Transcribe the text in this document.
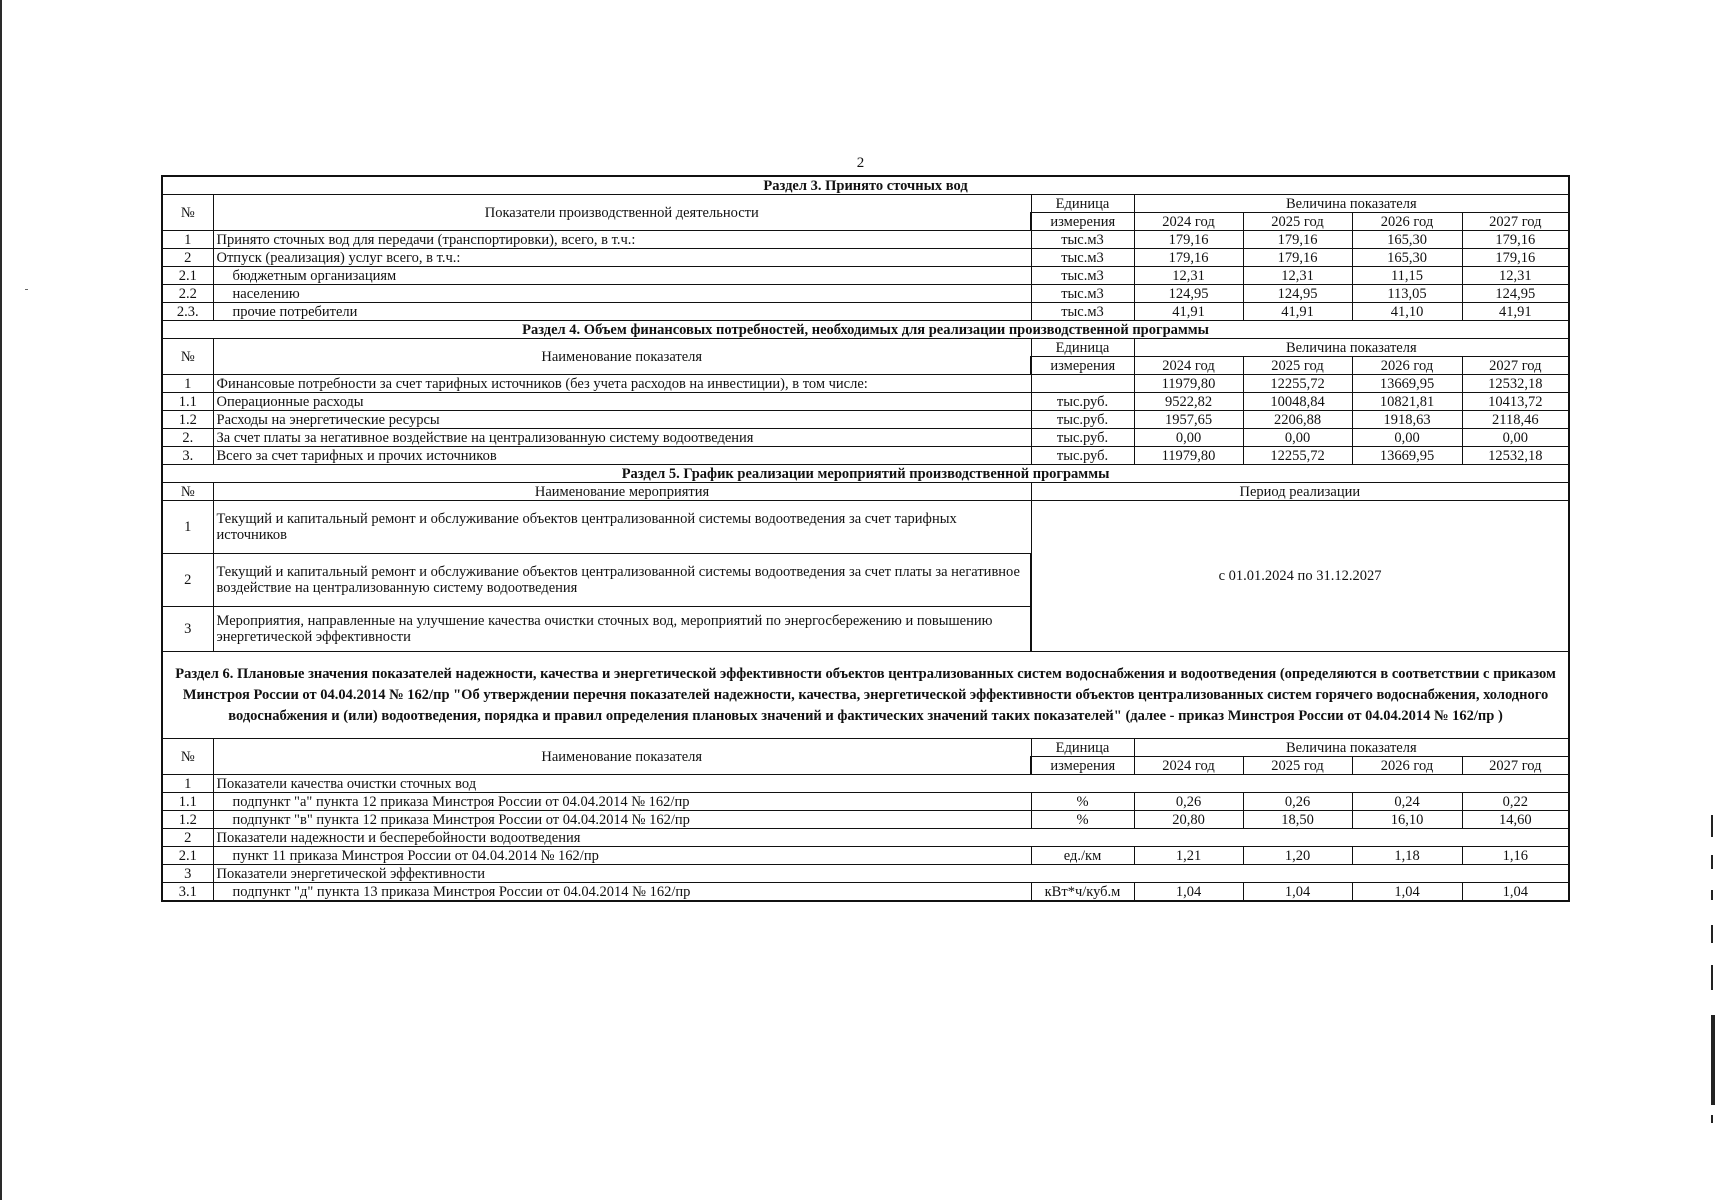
2
Раздел 3. Принято сточных вод						
№	Показатели производственной деятельности	Единица	Величина показателя			
		измерения	2024 год	2025 год	2026 год	2027 год
1	Принято сточных вод для передачи (транспортировки), всего, в т.ч.:	тыс.м3	179,16	179,16	165,30	179,16
2	Отпуск (реализация) услуг всего, в т.ч.:	тыс.м3	179,16	179,16	165,30	179,16
2.1	бюджетным организациям	тыс.м3	12,31	12,31	11,15	12,31
2.2	населению	тыс.м3	124,95	124,95	113,05	124,95
2.3.	прочие потребители	тыс.м3	41,91	41,91	41,10	41,91
Раздел 4. Объем финансовых потребностей, необходимых для реализации производственной программы						
№	Наименование показателя	Единица	Величина показателя			
		измерения	2024 год	2025 год	2026 год	2027 год
1	Финансовые потребности за счет тарифных источников (без учета расходов на инвестиции), в том числе:		11979,80	12255,72	13669,95	12532,18
1.1	Операционные расходы	тыс.руб.	9522,82	10048,84	10821,81	10413,72
1.2	Расходы на энергетические ресурсы	тыс.руб.	1957,65	2206,88	1918,63	2118,46
2.	За счет платы за негативное воздействие на централизованную систему водоотведения	тыс.руб.	0,00	0,00	0,00	0,00
3.	Всего за счет тарифных и прочих источников	тыс.руб.	11979,80	12255,72	13669,95	12532,18
Раздел 5. График реализации мероприятий производственной программы						
№	Наименование мероприятия	Период реализации				
1	Текущий и капитальный ремонт и обслуживание объектов централизованной системы водоотведения за счет тарифных источников	с 01.01.2024 по 31.12.2027				
2	Текущий и капитальный ремонт и обслуживание объектов централизованной системы водоотведения за счет платы за негативное воздействие на централизованную систему водоотведения					
3	Мероприятия, направленные на улучшение качества очистки сточных вод, мероприятий по энергосбережению и повышению энергетической эффективности					
Раздел 6. Плановые значения показателей надежности, качества и энергетической эффективности объектов централизованных систем водоснабжения и водоотведения (определяются в соответствии с приказом Минстроя России от 04.04.2014 № 162/пр "Об утверждении перечня показателей надежности, качества, энергетической эффективности объектов централизованных систем горячего водоснабжения, холодного водоснабжения и (или) водоотведения, порядка и правил определения плановых значений и фактических значений таких показателей" (далее - приказ Минстроя России от 04.04.2014 № 162/пр )						
№	Наименование показателя	Единица	Величина показателя			
		измерения	2024 год	2025 год	2026 год	2027 год
1	Показатели качества очистки сточных вод					
1.1	подпункт "а" пункта 12 приказа Минстроя России от 04.04.2014 № 162/пр	%	0,26	0,26	0,24	0,22
1.2	подпункт "в" пункта 12 приказа Минстроя России от 04.04.2014 № 162/пр	%	20,80	18,50	16,10	14,60
2	Показатели надежности и бесперебойности водоотведения					
2.1	пункт 11 приказа Минстроя России от 04.04.2014 № 162/пр	ед./км	1,21	1,20	1,18	1,16
3	Показатели энергетической эффективности					
3.1	подпункт "д" пункта 13 приказа Минстроя России от 04.04.2014 № 162/пр	кВт*ч/куб.м	1,04	1,04	1,04	1,04
